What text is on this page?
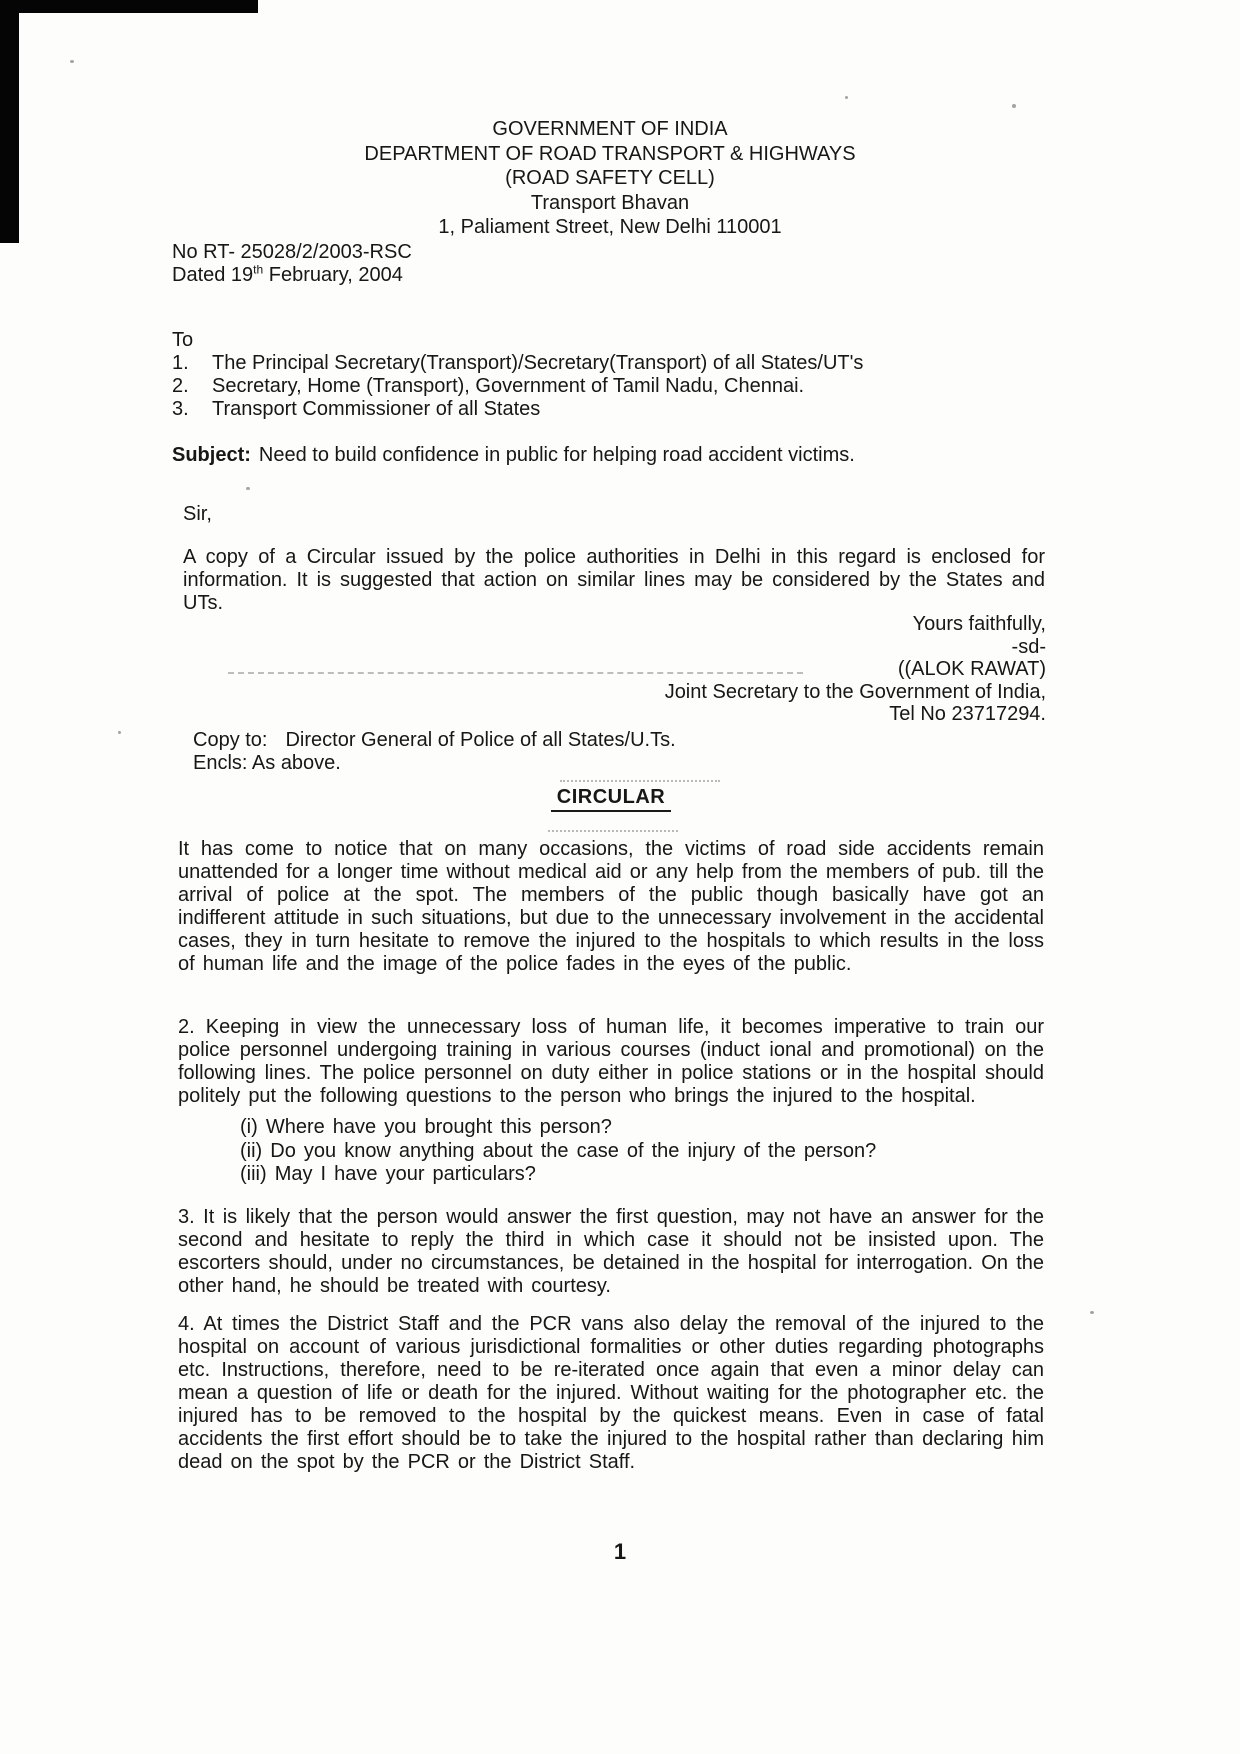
GOVERNMENT OF INDIA
DEPARTMENT OF ROAD TRANSPORT & HIGHWAYS
(ROAD SAFETY CELL)
Transport Bhavan
1, Paliament Street, New Delhi 110001
No RT- 25028/2/2003-RSC
Dated 19th February, 2004
To
1.	The Principal Secretary(Transport)/Secretary(Transport) of all States/UT's
2.	Secretary, Home (Transport), Government of Tamil Nadu, Chennai.
3.	Transport Commissioner of all States
Subject: Need to build confidence in public for helping road accident victims.
Sir,
A copy of a Circular issued by the police authorities in Delhi in this regard is enclosed for information. It is suggested that action on similar lines may be considered by the States and UTs.
Yours faithfully,
-sd-
((ALOK RAWAT)
Joint Secretary to the Government of India,
Tel No 23717294.
Copy to: Director General of Police of all States/U.Ts.
Encls: As above.
CIRCULAR

It has come to notice that on many occasions, the victims of road side accidents remain unattended for a longer time without medical aid or any help from the members of pub. till the arrival of police at the spot. The members of the public though basically have got an indifferent attitude in such situations, but due to the unnecessary involvement in the accidental cases, they in turn hesitate to remove the injured to the hospitals to which results in the loss of human life and the image of the police fades in the eyes of the public.

2. Keeping in view the unnecessary loss of human life, it becomes imperative to train our police personnel undergoing training in various courses (induct ional and promotional) on the following lines. The police personnel on duty either in police stations or in the hospital should politely put the following questions to the person who brings the injured to the hospital.

(i) Where have you brought this person?
(ii) Do you know anything about the case of the injury of the person?
(iii) May I have your particulars?

3. It is likely that the person would answer the first question, may not have an answer for the second and hesitate to reply the third in which case it should not be insisted upon. The escorters should, under no circumstances, be detained in the hospital for interrogation. On the other hand, he should be treated with courtesy.

4. At times the District Staff and the PCR vans also delay the removal of the injured to the hospital on account of various jurisdictional formalities or other duties regarding photographs etc. Instructions, therefore, need to be re-iterated once again that even a minor delay can mean a question of life or death for the injured. Without waiting for the photographer etc. the injured has to be removed to the hospital by the quickest means. Even in case of fatal accidents the first effort should be to take the injured to the hospital rather than declaring him dead on the spot by the PCR or the District Staff.

1
